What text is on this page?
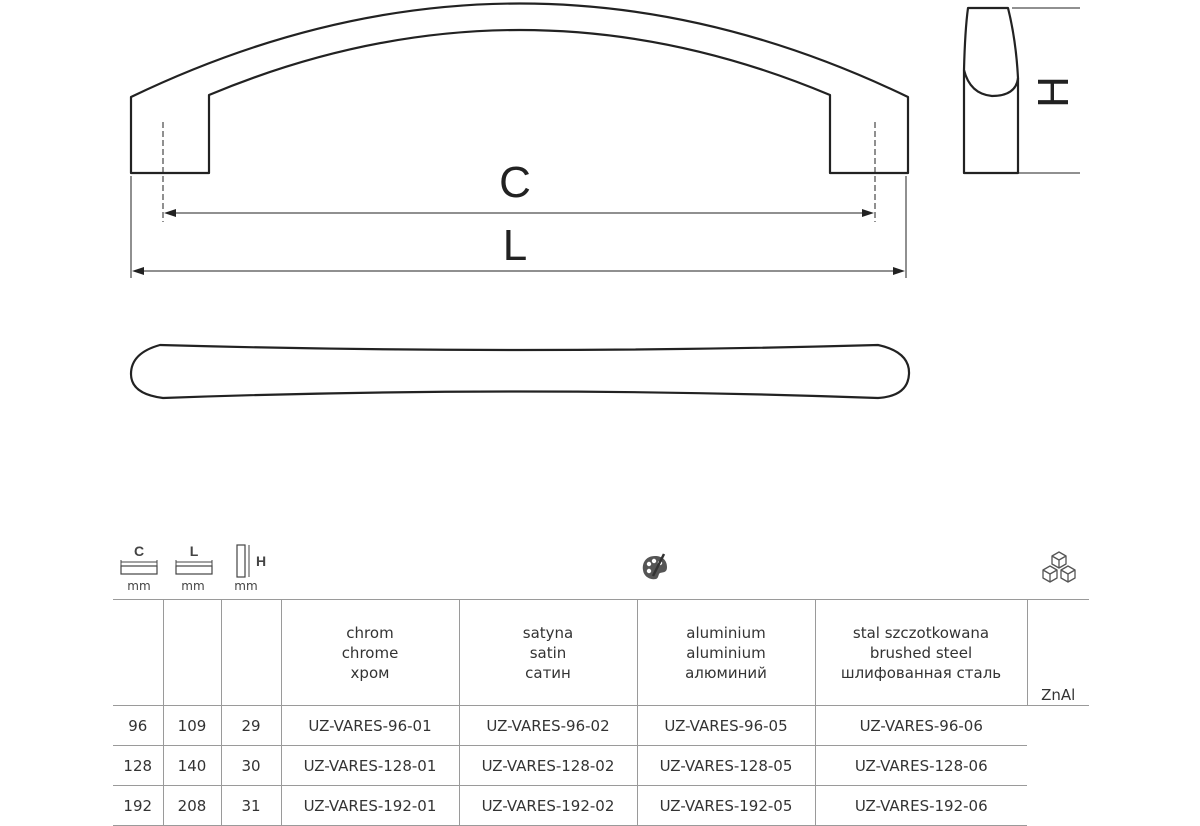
C
L
H
C
mm
L
mm
H
mm
			chrom
chrome
хром	satyna
satin
сатин	aluminium
aluminium
алюминий	stal szczotkowana
brushed steel
шлифованная сталь	ZnAl
96	109	29	UZ-VARES-96-01	UZ-VARES-96-02	UZ-VARES-96-05	UZ-VARES-96-06	
128	140	30	UZ-VARES-128-01	UZ-VARES-128-02	UZ-VARES-128-05	UZ-VARES-128-06	
192	208	31	UZ-VARES-192-01	UZ-VARES-192-02	UZ-VARES-192-05	UZ-VARES-192-06	
